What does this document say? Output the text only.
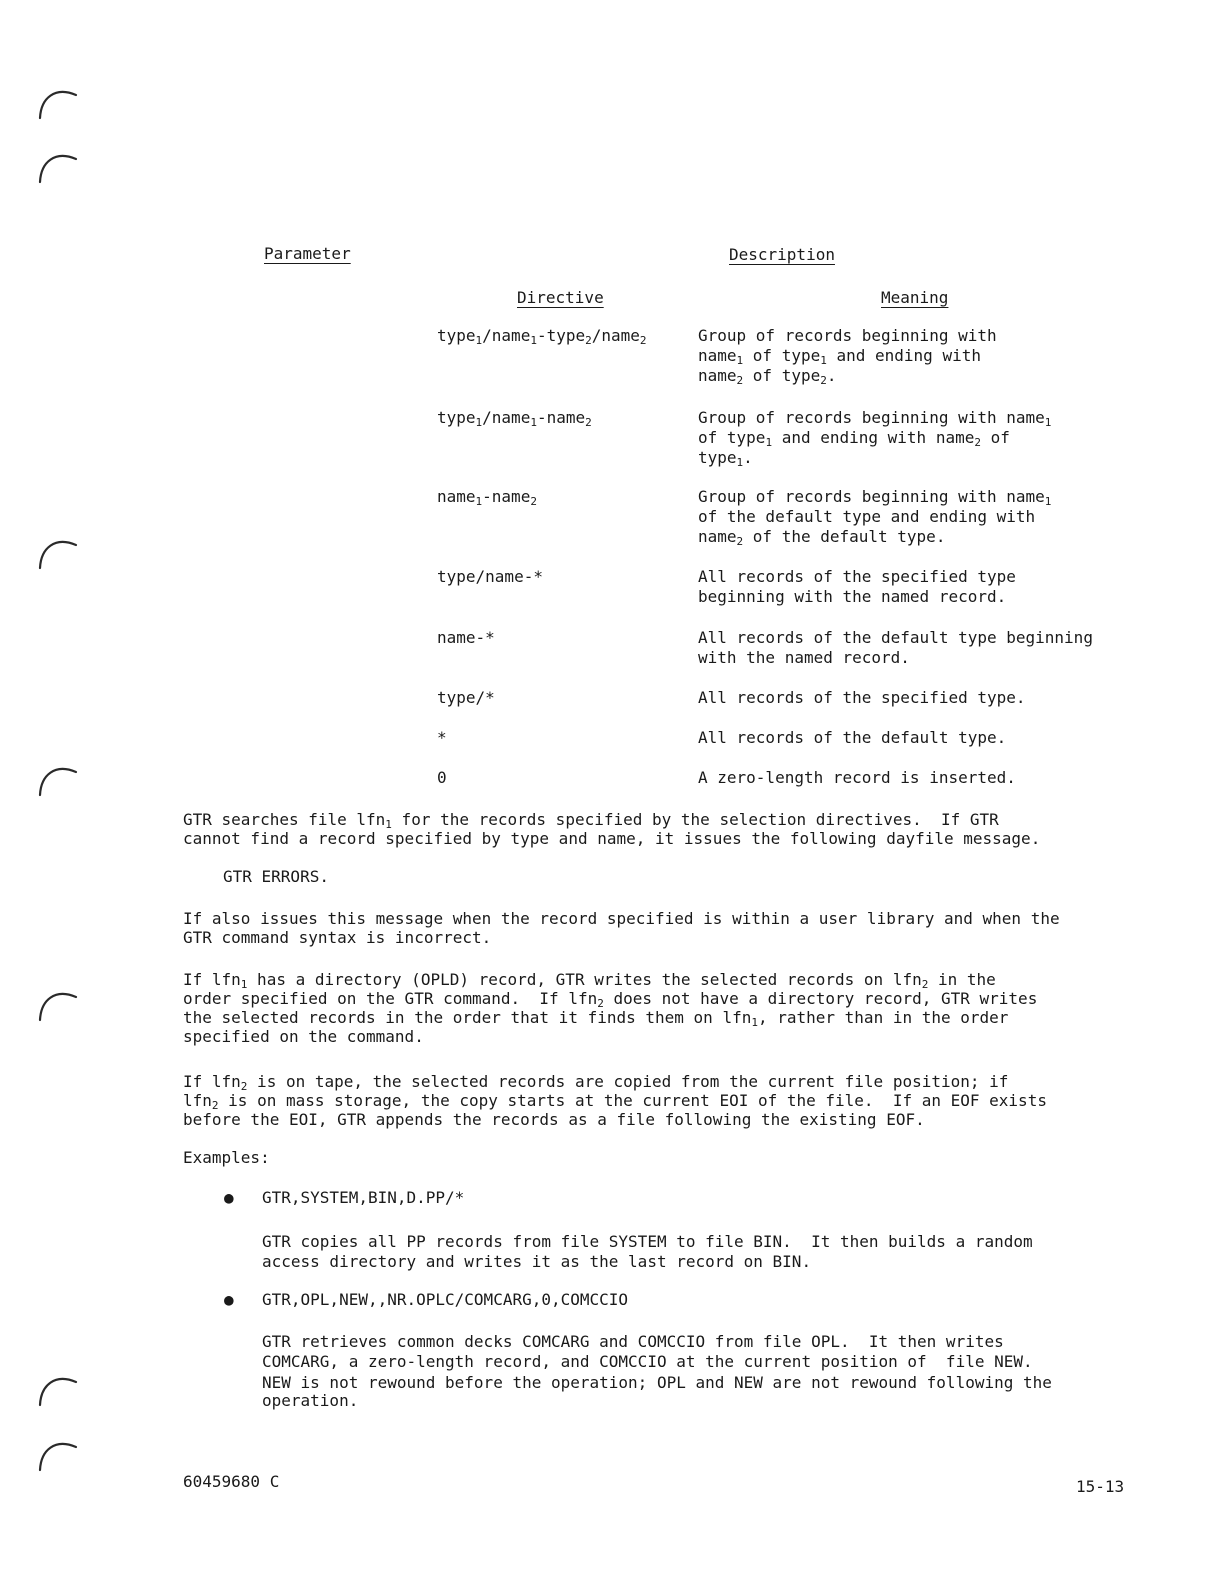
Parameter	Description
Directive	Meaning
type$_1$/name$_1$-type$_2$/name$_2$	Group of records beginning with
name$_1$ of type$_1$ and ending with
name$_2$ of type$_2$.
type$_1$/name$_1$-name$_2$	Group of records beginning with name$_1$
of type$_1$ and ending with name$_2$ of
type$_1$.
name$_1$-name$_2$	Group of records beginning with name$_1$
of the default type and ending with
name$_2$ of the default type.
type/name-*	All records of the specified type
beginning with the named record.
name-*	All records of the default type beginning
with the named record.
type/*	All records of the specified type.
*	All records of the default type.
0	A zero-length record is inserted.
GTR searches file lfn$_1$ for the records specified by the selection directives.  If GTR
cannot find a record specified by type and name, it issues the following dayfile message.
GTR ERRORS.
If also issues this message when the record specified is within a user library and when the
GTR command syntax is incorrect.
If lfn$_1$ has a directory (OPLD) record, GTR writes the selected records on lfn$_2$ in the
order specified on the GTR command.  If lfn$_2$ does not have a directory record, GTR writes
the selected records in the order that it finds them on lfn$_1$, rather than in the order
specified on the command.
If lfn$_2$ is on tape, the selected records are copied from the current file position; if
lfn$_2$ is on mass storage, the copy starts at the current EOI of the file.  If an EOF exists
before the EOI, GTR appends the records as a file following the existing EOF.
Examples:
● GTR,SYSTEM,BIN,D.PP/*
GTR copies all PP records from file SYSTEM to file BIN.  It then builds a random
access directory and writes it as the last record on BIN.
● GTR,OPL,NEW,,NR.OPLC/COMCARG,0,COMCCIO
GTR retrieves common decks COMCARG and COMCCIO from file OPL.  It then writes
COMCARG, a zero-length record, and COMCCIO at the current position of  file NEW.
NEW is not rewound before the operation; OPL and NEW are not rewound following the
operation.
60459680 C	15-13
